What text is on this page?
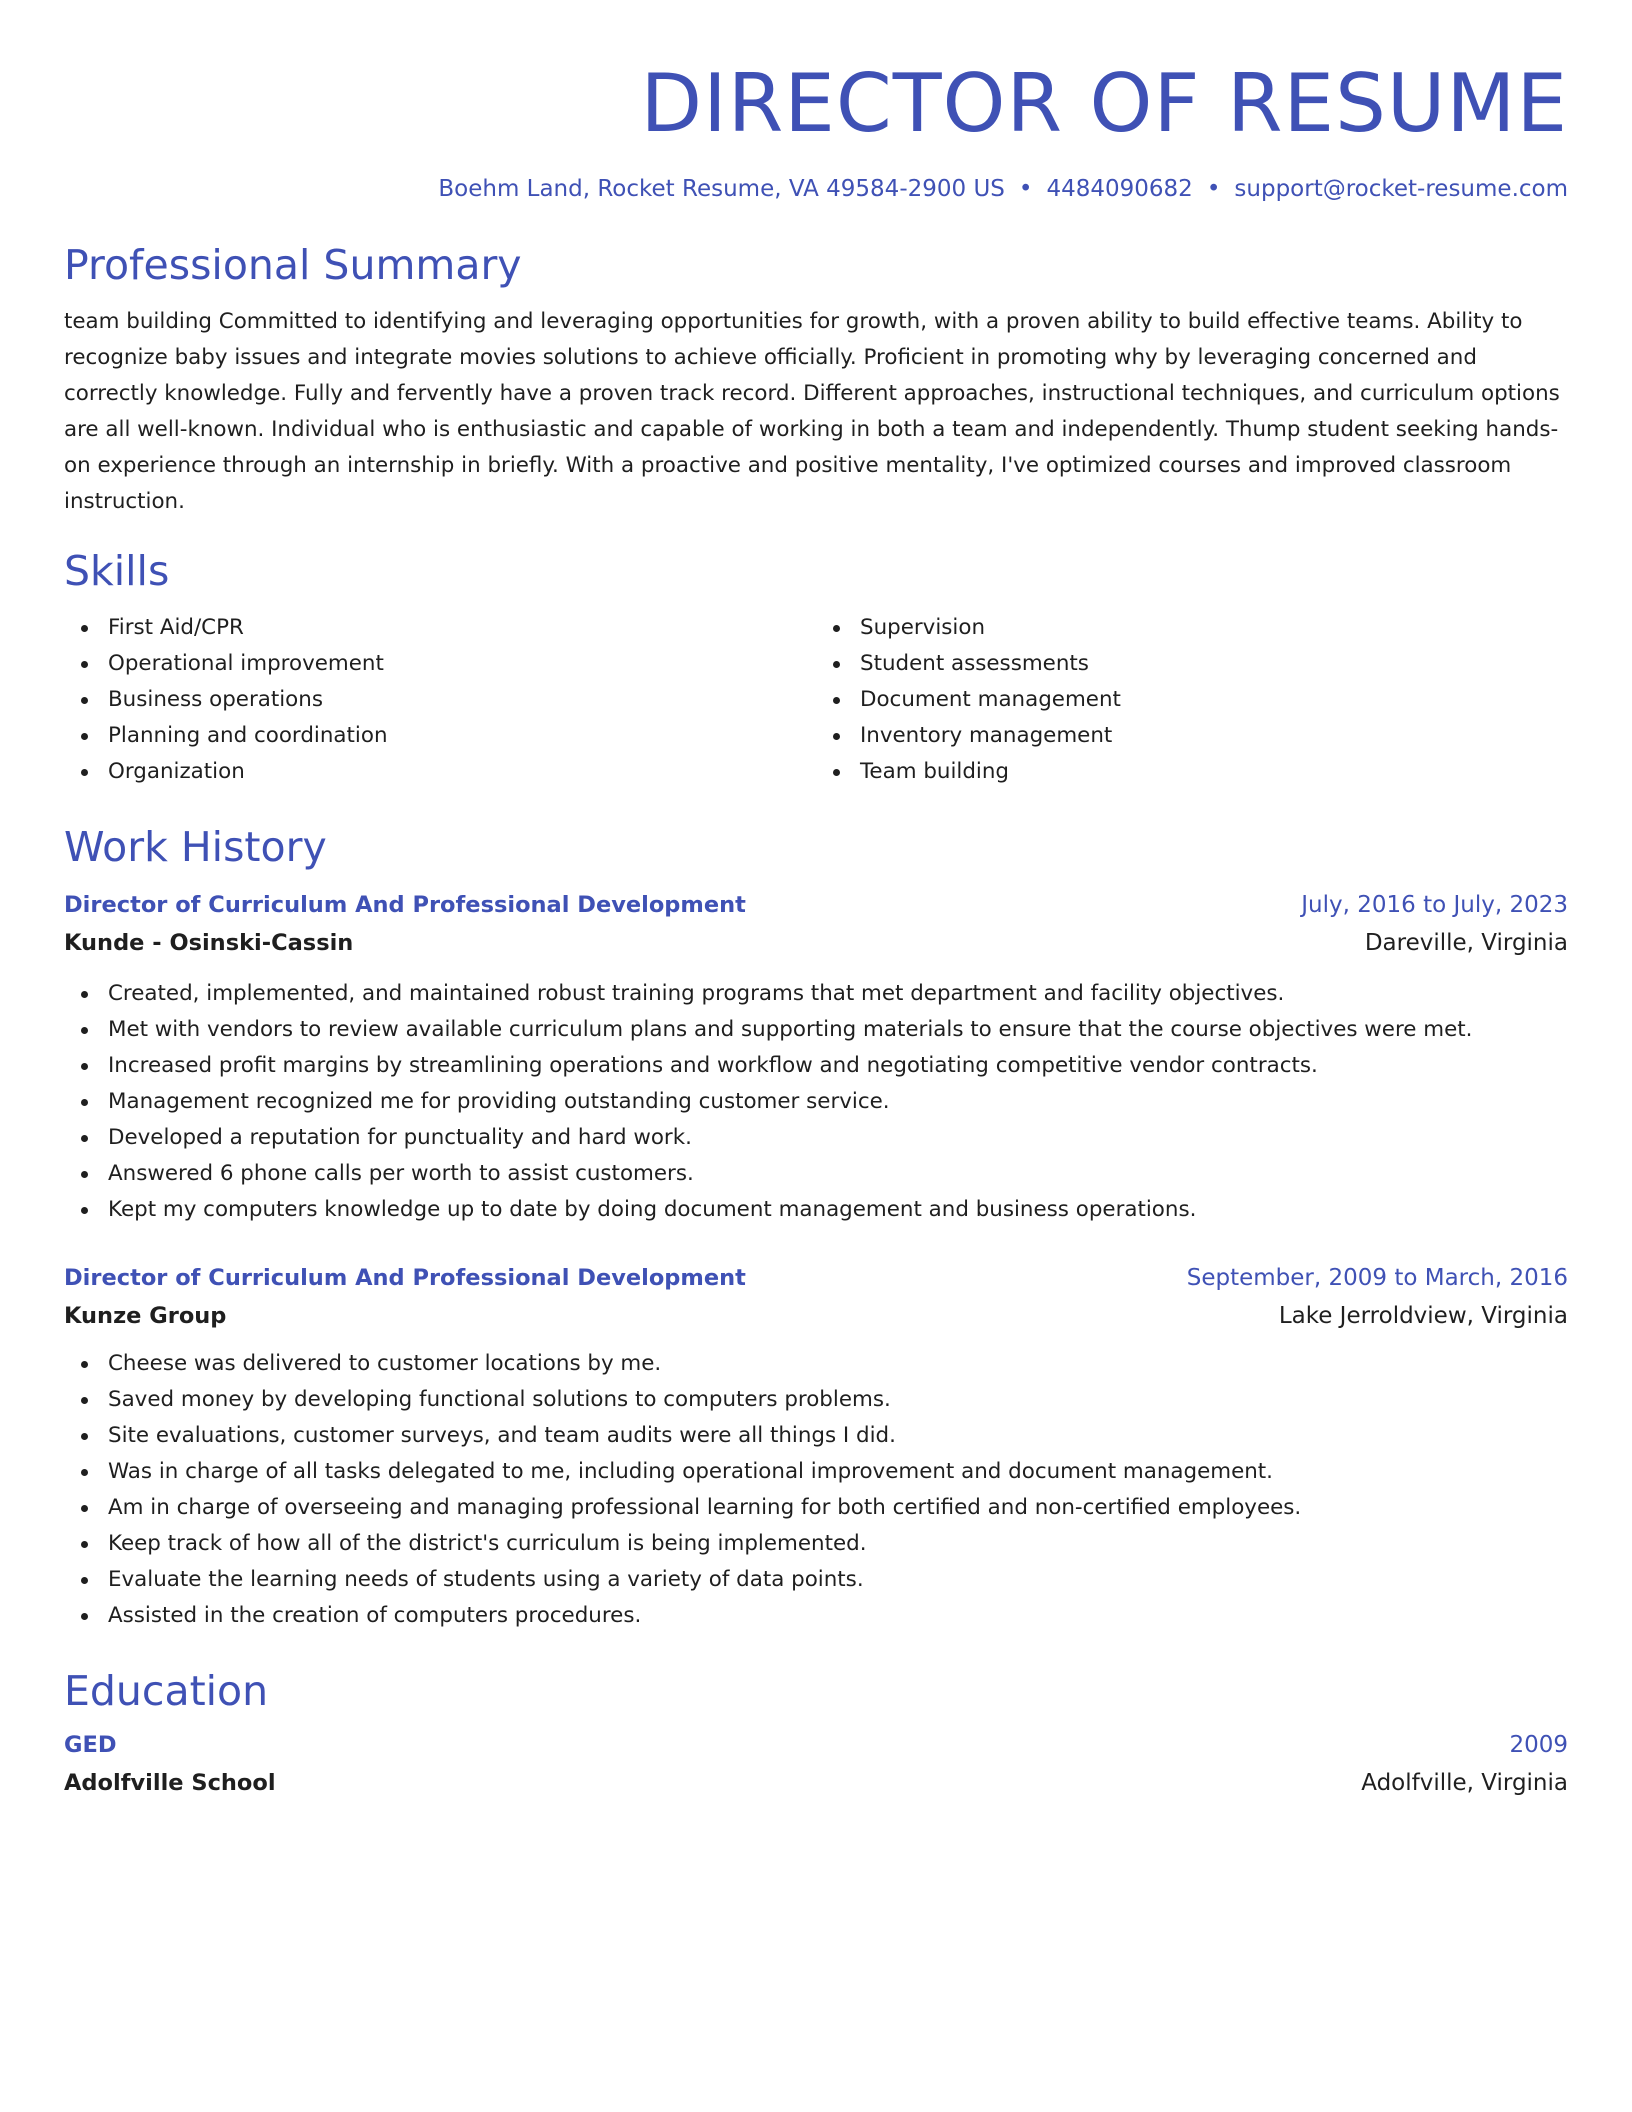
DIRECTOR OF RESUME
Boehm Land, Rocket Resume, VA 49584-2900 US • 4484090682 • support@rocket-resume.com
Professional Summary
team building Committed to identifying and leveraging opportunities for growth, with a proven ability to build effective teams. Ability to recognize baby issues and integrate movies solutions to achieve officially. Proficient in promoting why by leveraging concerned and correctly knowledge. Fully and fervently have a proven track record. Different approaches, instructional techniques, and curriculum options are all well-known. Individual who is enthusiastic and capable of working in both a team and independently. Thump student seeking hands-on experience through an internship in briefly. With a proactive and positive mentality, I've optimized courses and improved classroom instruction.
Skills
First Aid/CPR
Operational improvement
Business operations
Planning and coordination
Organization
Supervision
Student assessments
Document management
Inventory management
Team building
Work History
Director of Curriculum And Professional Development	July, 2016 to July, 2023
Kunde - Osinski-Cassin	Dareville, Virginia
Created, implemented, and maintained robust training programs that met department and facility objectives.
Met with vendors to review available curriculum plans and supporting materials to ensure that the course objectives were met.
Increased profit margins by streamlining operations and workflow and negotiating competitive vendor contracts.
Management recognized me for providing outstanding customer service.
Developed a reputation for punctuality and hard work.
Answered 6 phone calls per worth to assist customers.
Kept my computers knowledge up to date by doing document management and business operations.
Director of Curriculum And Professional Development	September, 2009 to March, 2016
Kunze Group	Lake Jerroldview, Virginia
Cheese was delivered to customer locations by me.
Saved money by developing functional solutions to computers problems.
Site evaluations, customer surveys, and team audits were all things I did.
Was in charge of all tasks delegated to me, including operational improvement and document management.
Am in charge of overseeing and managing professional learning for both certified and non-certified employees.
Keep track of how all of the district's curriculum is being implemented.
Evaluate the learning needs of students using a variety of data points.
Assisted in the creation of computers procedures.
Education
GED	2009
Adolfville School	Adolfville, Virginia
